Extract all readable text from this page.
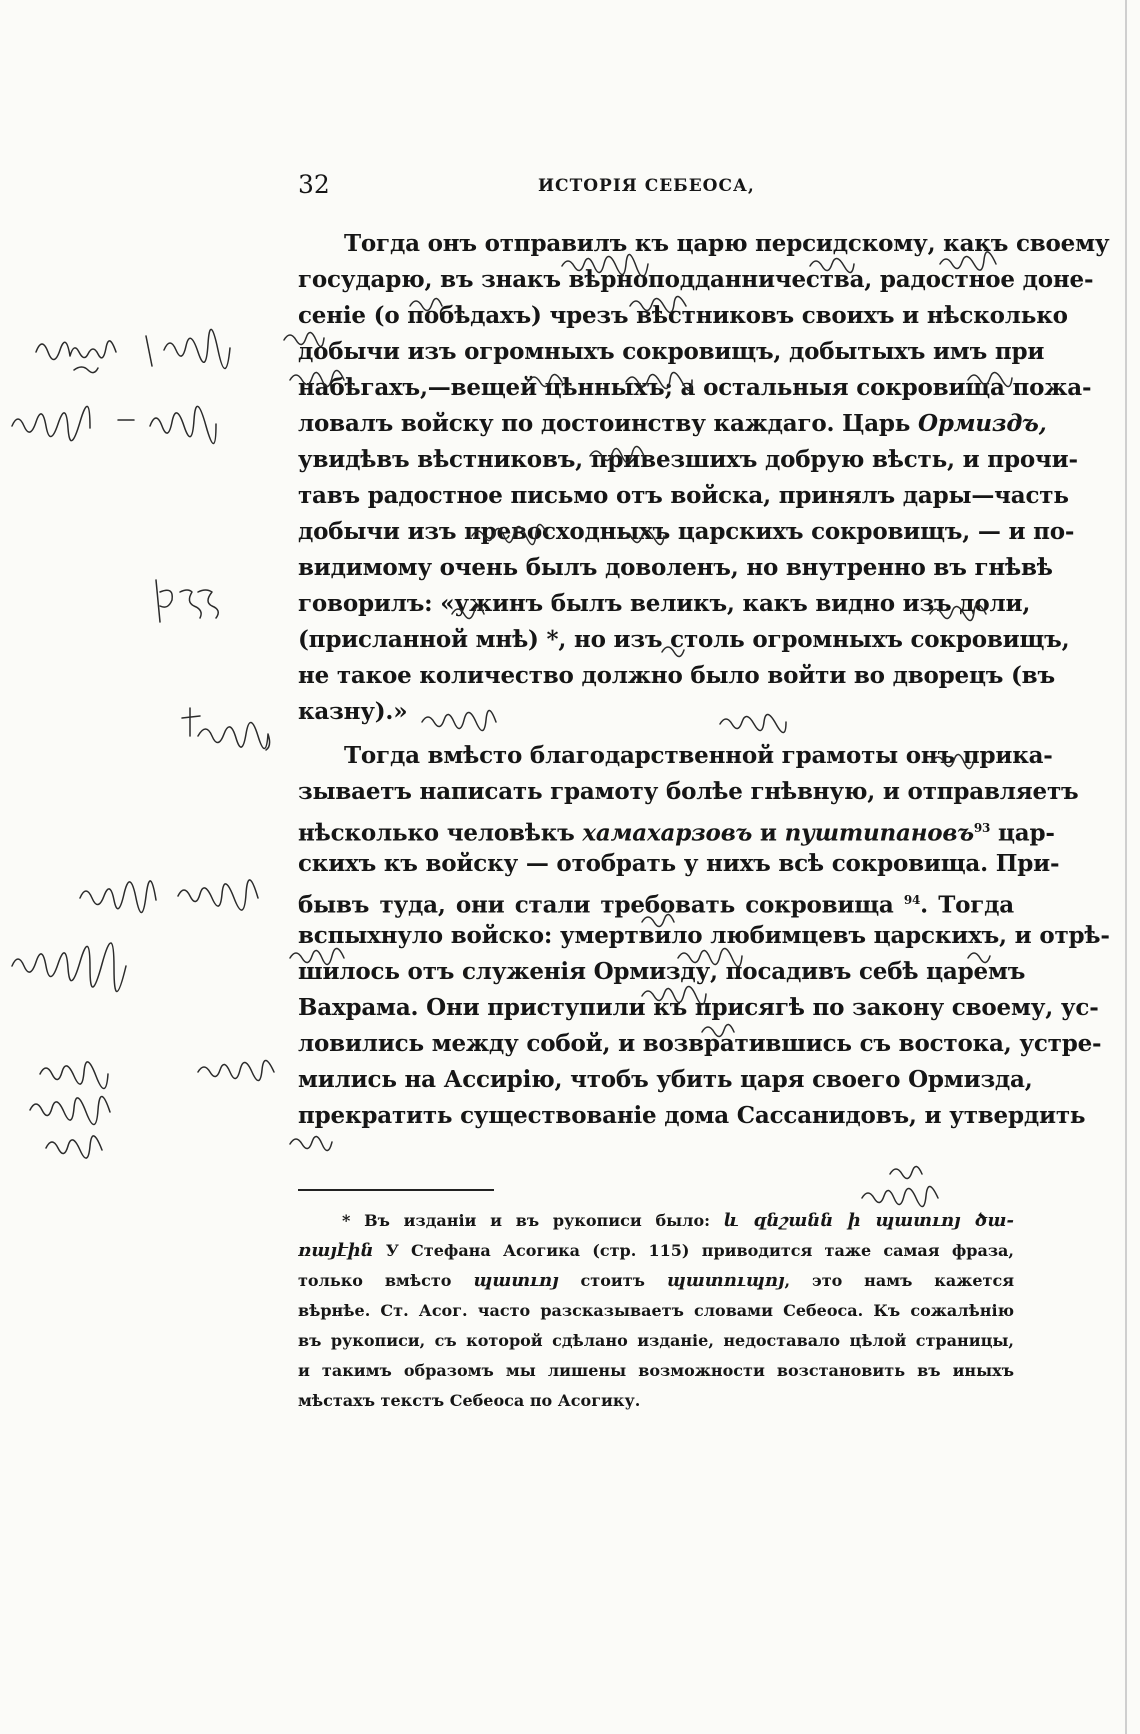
32	ИСТОРІЯ СЕБЕОСА,
Тогда онъ отправилъ къ царю персидскому, какъ своему
государю, въ знакъ вѣрноподданничества, радостное доне-
сеніе (о побѣдахъ) чрезъ вѣстниковъ своихъ и нѣсколько
добычи изъ огромныхъ сокровищъ, добытыхъ имъ при
набѣгахъ,—вещей цѣнныхъ; а остальныя сокровища пожа-
ловалъ войску по достоинству каждаго. Царь Ормиздъ,
увидѣвъ вѣстниковъ, привезшихъ добрую вѣсть, и прочи-
тавъ радостное письмо отъ войска, принялъ дары—часть
добычи изъ превосходныхъ царскихъ сокровищъ, — и по-
видимому очень былъ доволенъ, но внутренно въ гнѣвѣ
говорилъ: «ужинъ былъ великъ, какъ видно изъ доли,
(присланной мнѣ) *, но изъ столь огромныхъ сокровищъ,
не такое количество должно было войти во дворецъ (въ
казну).»
Тогда вмѣсто благодарственной грамоты онъ прика-
зываетъ написать грамоту болѣе гнѣвную, и отправляетъ
нѣсколько человѣкъ хамахарзовъ и пуштипановъ$^{93}$ цар-
скихъ къ войску — отобрать у нихъ всѣ сокровища. При-
бывъ туда, они стали требовать сокровища $^{94}$. Тогда
вспыхнуло войско: умертвило любимцевъ царскихъ, и отрѣ-
шилось отъ служенія Ормизду, посадивъ себѣ царемъ
Вахрама. Они приступили къ присягѣ по закону своему, ус-
ловились между собой, и возвратившись съ востока, устре-
мились на Ассирію, чтобъ убить царя своего Ормизда,
прекратить существованіе дома Сассанидовъ, и утвердить
* Въ изданіи и въ рукописи было: և զնշանն ի պատւոյ ծա-
ռայէին У Стефана Асогика (стр. 115) приводится таже самая фраза,
только вмѣсто պատւոյ стоитъ պատուպոյ, это намъ кажется
вѣрнѣе. Ст. Асог. часто разсказываетъ словами Себеоса. Къ сожалѣнію
въ рукописи, съ которой сдѣлано изданіе, недоставало цѣлой страницы,
и такимъ образомъ мы лишены возможности возстановить въ иныхъ
мѣстахъ текстъ Себеоса по Асогику.
